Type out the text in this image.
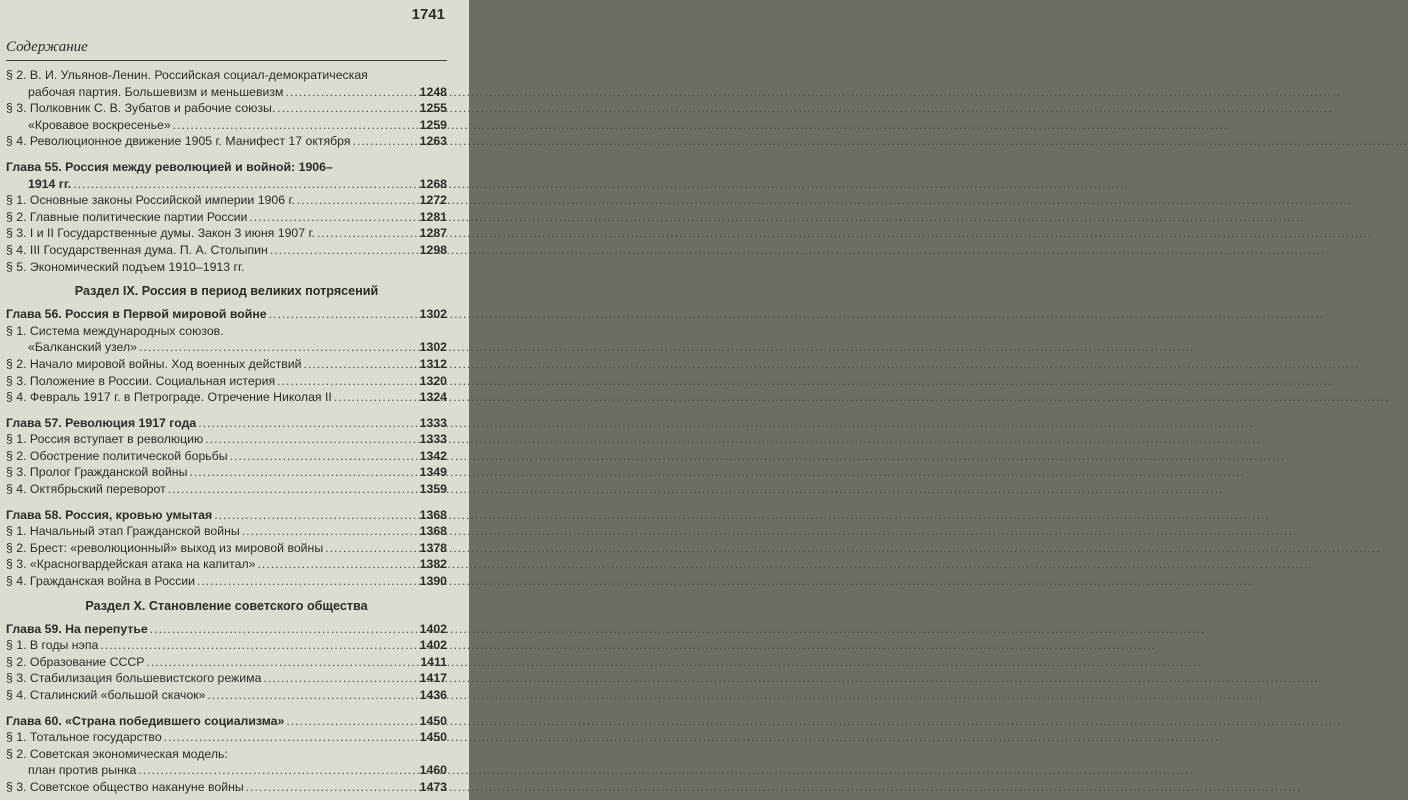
Содержание
1741
§ 2. В. И. Ульянов-Ленин. Российская социал-демократическая
рабочая партия. Большевизм и меньшевизм .....	1248
§ 3. Полковник С. В. Зубатов и рабочие союзы. .....	1255
«Кровавое воскресенье» .....	1259
§ 4. Революционное движение 1905 г. Манифест 17 октября .....	1263
Глава 55. Россия между революцией и войной: 1906–
1914 гг. .....	1268
§ 1. Основные законы Российской империи 1906 г. .....	1272
§ 2. Главные политические партии России .....	1281
§ 3. I и II Государственные думы. Закон 3 июня 1907 г. .....	1287
§ 4. III Государственная дума. П. А. Столыпин .....	1298
§ 5. Экономический подъем 1910–1913 гг.
Раздел IX. Россия в период великих потрясений
Глава 56. Россия в Первой мировой войне .....	1302
§ 1. Система международных союзов.
«Балканский узел» .....	1302
§ 2. Начало мировой войны. Ход военных действий .....	1312
§ 3. Положение в России. Социальная истерия .....	1320
§ 4. Февраль 1917 г. в Петрограде. Отречение Николая II .....	1324
Глава 57. Революция 1917 года .....	1333
§ 1. Россия вступает в революцию .....	1333
§ 2. Обострение политической борьбы .....	1342
§ 3. Пролог Гражданской войны .....	1349
§ 4. Октябрьский переворот .....	1359
Глава 58. Россия, кровью умытая .....	1368
§ 1. Начальный этап Гражданской войны .....	1368
§ 2. Брест: «революционный» выход из мировой войны .....	1378
§ 3. «Красногвардейская атака на капитал» .....	1382
§ 4. Гражданская война в России .....	1390
Раздел X. Становление советского общества
Глава 59. На перепутье .....	1402
§ 1. В годы нэпа .....	1402
§ 2. Образование СССР .....	1411
§ 3. Стабилизация большевистского режима .....	1417
§ 4. Сталинский «большой скачок» .....	1436
Глава 60. «Страна победившего социализма» .....	1450
§ 1. Тотальное государство .....	1450
§ 2. Советская экономическая модель:
план против рынка .....	1460
§ 3. Советское общество накануне войны .....	1473
